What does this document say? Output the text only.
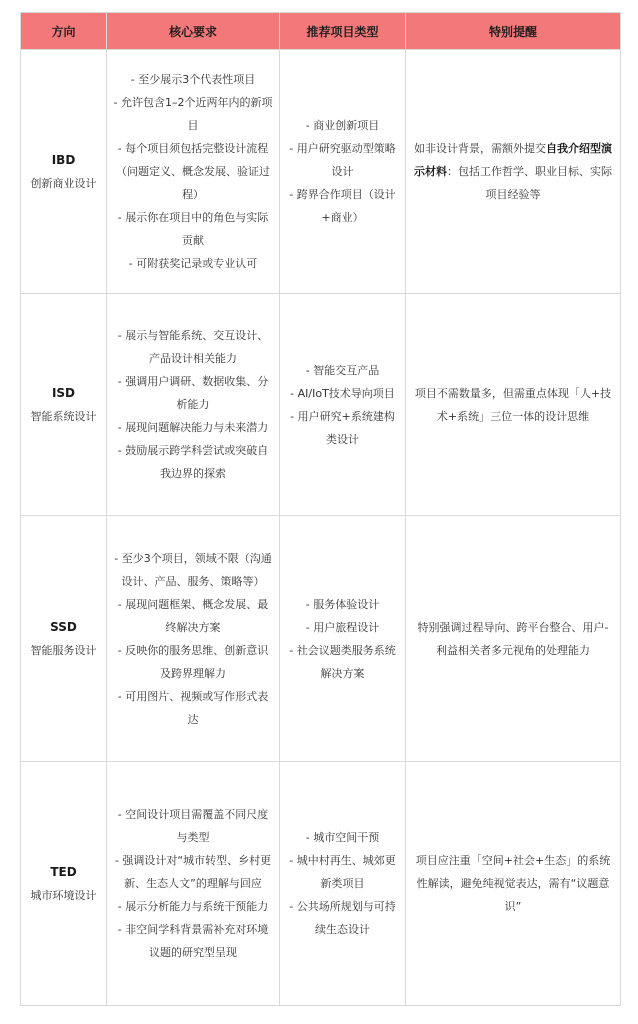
方向	核心要求	推荐项目类型	特别提醒

IBD
创新商业设计	- 至少展示3个代表性项目
- 允许包含1–2个近两年内的新项目
- 每个项目须包括完整设计流程（问题定义、概念发展、验证过程）
- 展示你在项目中的角色与实际贡献
- 可附获奖记录或专业认可	- 商业创新项目
- 用户研究驱动型策略设计
- 跨界合作项目（设计+商业）	如非设计背景，需额外提交自我介绍型演示材料：包括工作哲学、职业目标、实际项目经验等

ISD
智能系统设计	- 展示与智能系统、交互设计、产品设计相关能力
- 强调用户调研、数据收集、分析能力
- 展现问题解决能力与未来潜力
- 鼓励展示跨学科尝试或突破自我边界的探索	- 智能交互产品
- AI/IoT技术导向项目
- 用户研究+系统建构类设计	项目不需数量多，但需重点体现「人+技术+系统」三位一体的设计思维

SSD
智能服务设计	- 至少3个项目，领域不限（沟通设计、产品、服务、策略等）
- 展现问题框架、概念发展、最终解决方案
- 反映你的服务思维、创新意识及跨界理解力
- 可用图片、视频或写作形式表达	- 服务体验设计
- 用户旅程设计
- 社会议题类服务系统解决方案	特别强调过程导向、跨平台整合、用户-利益相关者多元视角的处理能力

TED
城市环境设计	- 空间设计项目需覆盖不同尺度与类型
- 强调设计对“城市转型、乡村更新、生态人文”的理解与回应
- 展示分析能力与系统干预能力
- 非空间学科背景需补充对环境议题的研究型呈现	- 城市空间干预
- 城中村再生、城郊更新类项目
- 公共场所规划与可持续生态设计	项目应注重「空间+社会+生态」的系统性解读，避免纯视觉表达，需有“议题意识”
